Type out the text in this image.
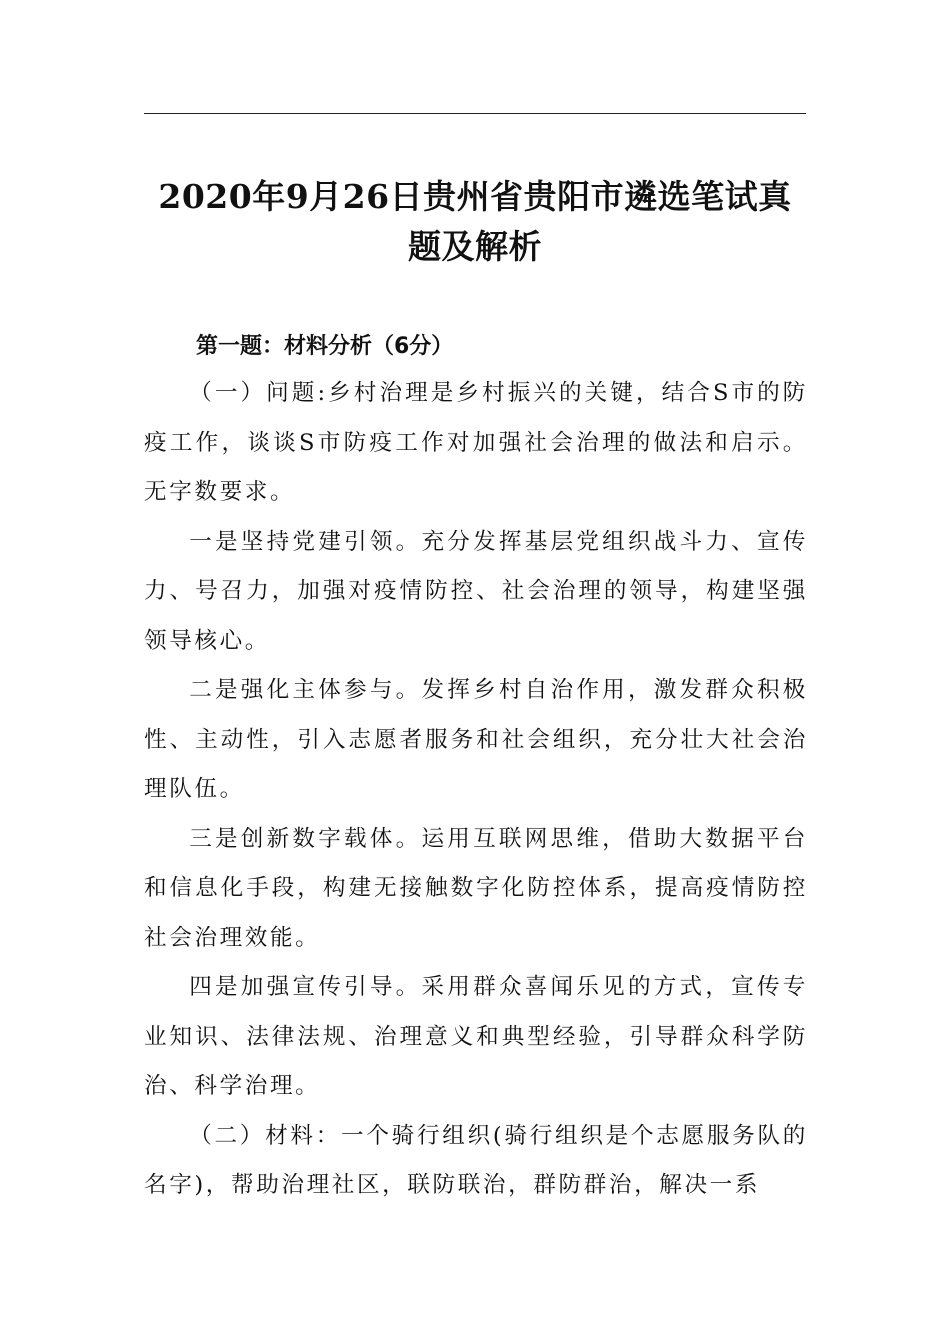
2020年9月26日贵州省贵阳市遴选笔试真题及解析
第一题：材料分析（6分）

（一）问题:乡村治理是乡村振兴的关键，结合S市的防疫工作，谈谈S市防疫工作对加强社会治理的做法和启示。无字数要求。

一是坚持党建引领。充分发挥基层党组织战斗力、宣传力、号召力，加强对疫情防控、社会治理的领导，构建坚强领导核心。

二是强化主体参与。发挥乡村自治作用，激发群众积极性、主动性，引入志愿者服务和社会组织，充分壮大社会治理队伍。

三是创新数字载体。运用互联网思维，借助大数据平台和信息化手段，构建无接触数字化防控体系，提高疫情防控社会治理效能。

四是加强宣传引导。采用群众喜闻乐见的方式，宣传专业知识、法律法规、治理意义和典型经验，引导群众科学防治、科学治理。

（二）材料：一个骑行组织(骑行组织是个志愿服务队的名字)，帮助治理社区，联防联治，群防群治，解决一系
